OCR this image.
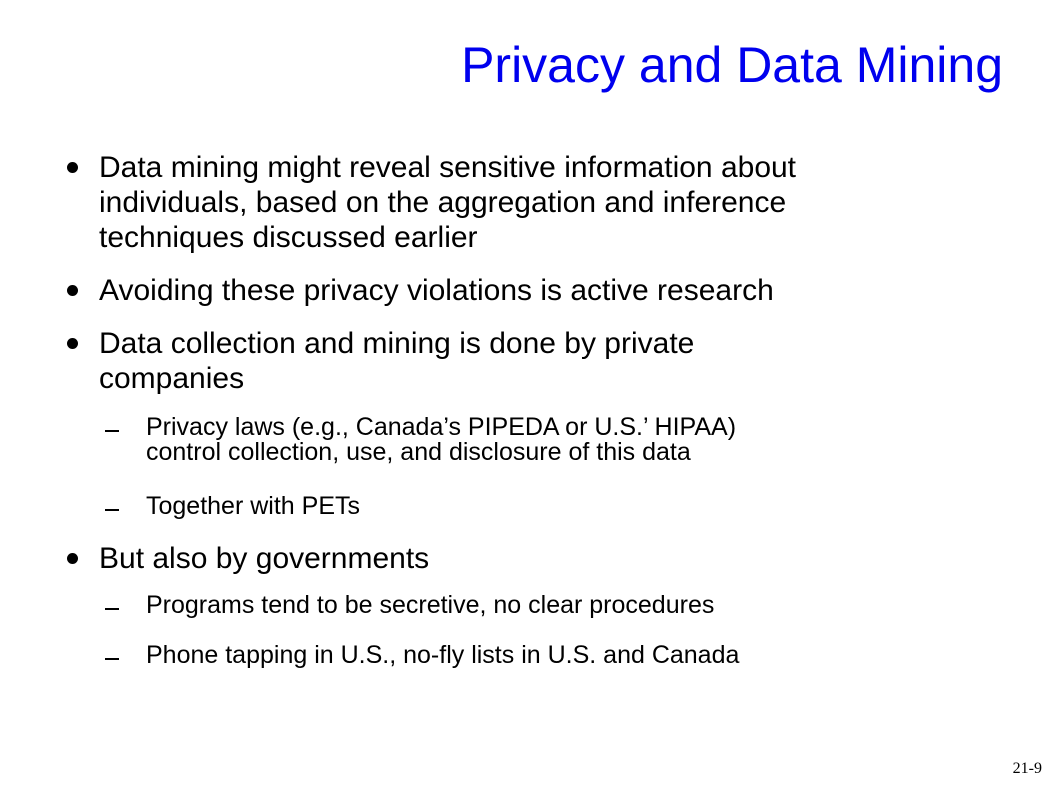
Privacy and Data Mining
Data mining might reveal sensitive information about
individuals, based on the aggregation and inference
techniques discussed earlier
Avoiding these privacy violations is active research
Data collection and mining is done by private
companies
Privacy laws (e.g., Canada’s PIPEDA or U.S.’ HIPAA)
control collection, use, and disclosure of this data
Together with PETs
But also by governments
Programs tend to be secretive, no clear procedures
Phone tapping in U.S., no-fly lists in U.S. and Canada
21-9
